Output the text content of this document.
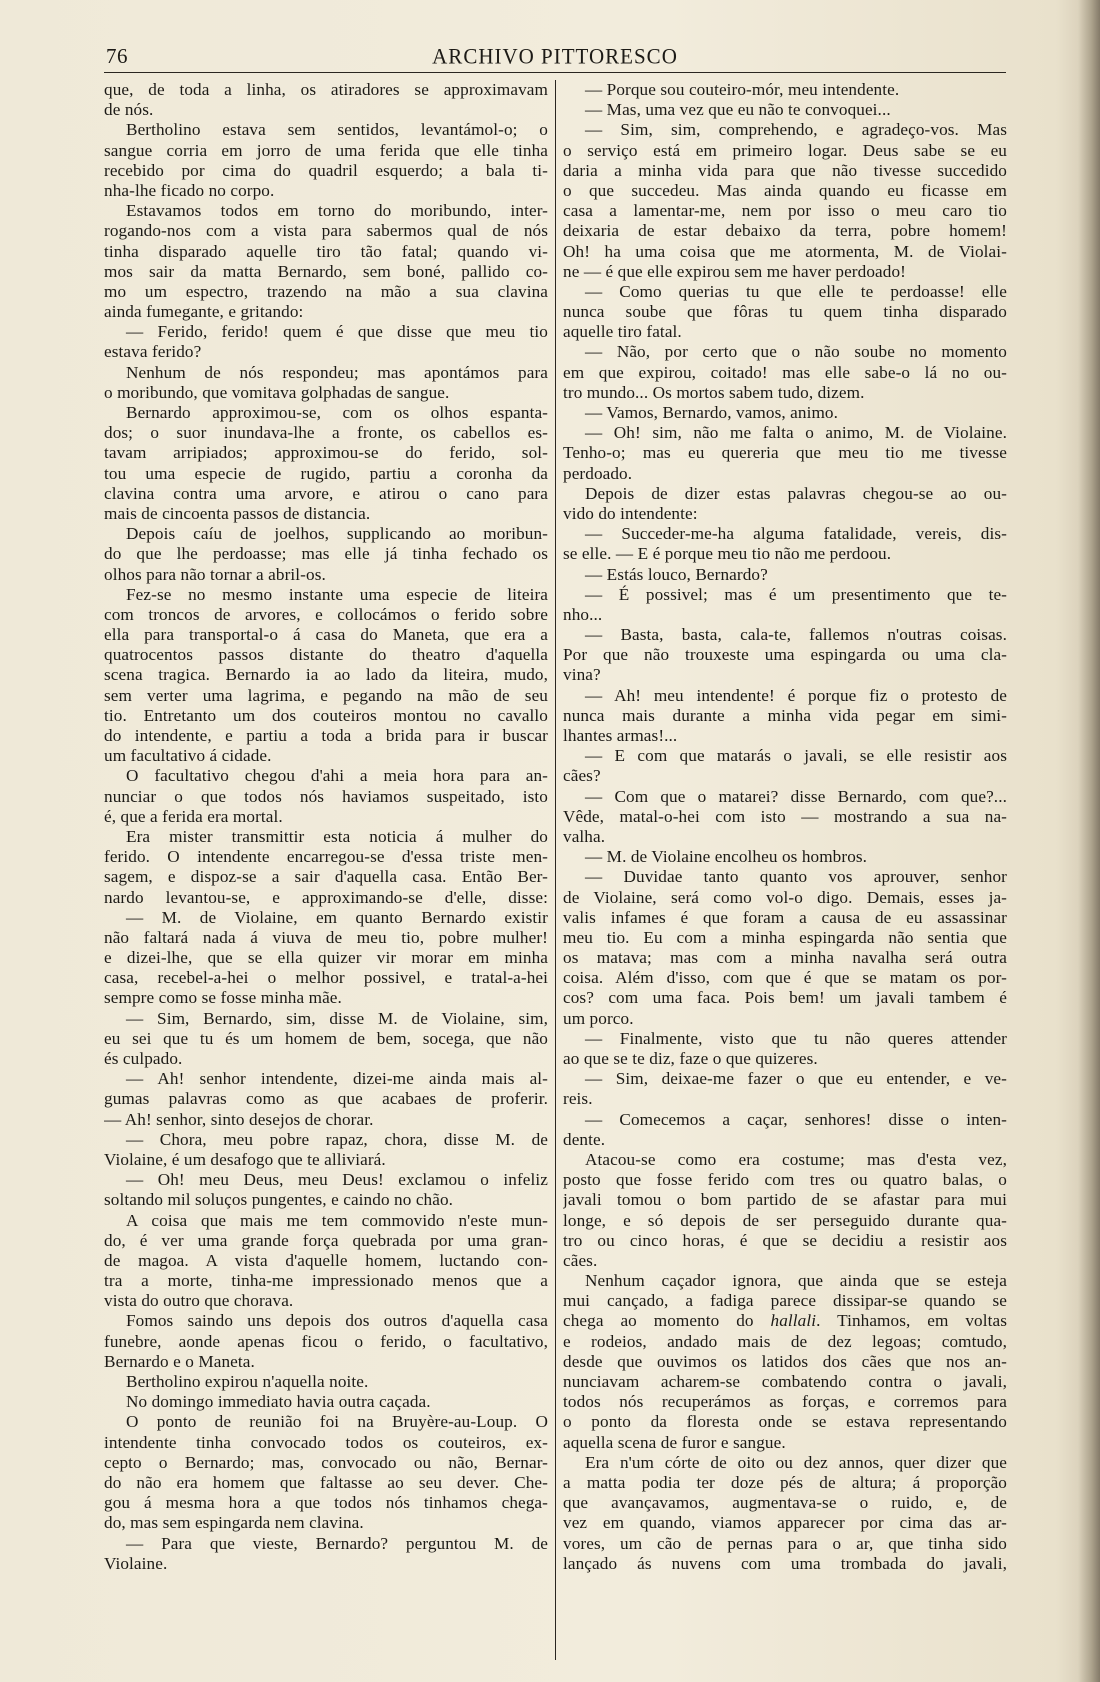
76	ARCHIVO PITTORESCO
que, de toda a linha, os atiradores se approximavam
de nós.
Bertholino estava sem sentidos, levantámol-o; o
sangue corria em jorro de uma ferida que elle tinha
recebido por cima do quadril esquerdo; a bala ti-
nha-lhe ficado no corpo.
Estavamos todos em torno do moribundo, inter-
rogando-nos com a vista para sabermos qual de nós
tinha disparado aquelle tiro tão fatal; quando vi-
mos sair da matta Bernardo, sem boné, pallido co-
mo um espectro, trazendo na mão a sua clavina
ainda fumegante, e gritando:
— Ferido, ferido! quem é que disse que meu tio
estava ferido?
Nenhum de nós respondeu; mas apontámos para
o moribundo, que vomitava golphadas de sangue.
Bernardo approximou-se, com os olhos espanta-
dos; o suor inundava-lhe a fronte, os cabellos es-
tavam arripiados; approximou-se do ferido, sol-
tou uma especie de rugido, partiu a coronha da
clavina contra uma arvore, e atirou o cano para
mais de cincoenta passos de distancia.
Depois caíu de joelhos, supplicando ao moribun-
do que lhe perdoasse; mas elle já tinha fechado os
olhos para não tornar a abril-os.
Fez-se no mesmo instante uma especie de liteira
com troncos de arvores, e collocámos o ferido sobre
ella para transportal-o á casa do Maneta, que era a
quatrocentos passos distante do theatro d'aquella
scena tragica. Bernardo ia ao lado da liteira, mudo,
sem verter uma lagrima, e pegando na mão de seu
tio. Entretanto um dos couteiros montou no cavallo
do intendente, e partiu a toda a brida para ir buscar
um facultativo á cidade.
O facultativo chegou d'ahi a meia hora para an-
nunciar o que todos nós haviamos suspeitado, isto
é, que a ferida era mortal.
Era mister transmittir esta noticia á mulher do
ferido. O intendente encarregou-se d'essa triste men-
sagem, e dispoz-se a sair d'aquella casa. Então Ber-
nardo levantou-se, e approximando-se d'elle, disse:
— M. de Violaine, em quanto Bernardo existir
não faltará nada á viuva de meu tio, pobre mulher!
e dizei-lhe, que se ella quizer vir morar em minha
casa, recebel-a-hei o melhor possivel, e tratal-a-hei
sempre como se fosse minha mãe.
— Sim, Bernardo, sim, disse M. de Violaine, sim,
eu sei que tu és um homem de bem, socega, que não
és culpado.
— Ah! senhor intendente, dizei-me ainda mais al-
gumas palavras como as que acabaes de proferir.
— Ah! senhor, sinto desejos de chorar.
— Chora, meu pobre rapaz, chora, disse M. de
Violaine, é um desafogo que te alliviará.
— Oh! meu Deus, meu Deus! exclamou o infeliz
soltando mil soluços pungentes, e caindo no chão.
A coisa que mais me tem commovido n'este mun-
do, é ver uma grande força quebrada por uma gran-
de magoa. A vista d'aquelle homem, luctando con-
tra a morte, tinha-me impressionado menos que a
vista do outro que chorava.
Fomos saindo uns depois dos outros d'aquella casa
funebre, aonde apenas ficou o ferido, o facultativo,
Bernardo e o Maneta.
Bertholino expirou n'aquella noite.
No domingo immediato havia outra caçada.
O ponto de reunião foi na Bruyère-au-Loup. O
intendente tinha convocado todos os couteiros, ex-
cepto o Bernardo; mas, convocado ou não, Bernar-
do não era homem que faltasse ao seu dever. Che-
gou á mesma hora a que todos nós tinhamos chega-
do, mas sem espingarda nem clavina.
— Para que vieste, Bernardo? perguntou M. de
Violaine.
— Porque sou couteiro-mór, meu intendente.
— Mas, uma vez que eu não te convoquei...
— Sim, sim, comprehendo, e agradeço-vos. Mas
o serviço está em primeiro logar. Deus sabe se eu
daria a minha vida para que não tivesse succedido
o que succedeu. Mas ainda quando eu ficasse em
casa a lamentar-me, nem por isso o meu caro tio
deixaria de estar debaixo da terra, pobre homem!
Oh! ha uma coisa que me atormenta, M. de Violai-
ne — é que elle expirou sem me haver perdoado!
— Como querias tu que elle te perdoasse! elle
nunca soube que fôras tu quem tinha disparado
aquelle tiro fatal.
— Não, por certo que o não soube no momento
em que expirou, coitado! mas elle sabe-o lá no ou-
tro mundo... Os mortos sabem tudo, dizem.
— Vamos, Bernardo, vamos, animo.
— Oh! sim, não me falta o animo, M. de Violaine.
Tenho-o; mas eu quereria que meu tio me tivesse
perdoado.
Depois de dizer estas palavras chegou-se ao ou-
vido do intendente:
— Succeder-me-ha alguma fatalidade, vereis, dis-
se elle. — E é porque meu tio não me perdoou.
— Estás louco, Bernardo?
— É possivel; mas é um presentimento que te-
nho...
— Basta, basta, cala-te, fallemos n'outras coisas.
Por que não trouxeste uma espingarda ou uma cla-
vina?
— Ah! meu intendente! é porque fiz o protesto de
nunca mais durante a minha vida pegar em simi-
lhantes armas!...
— E com que matarás o javali, se elle resistir aos
cães?
— Com que o matarei? disse Bernardo, com que?...
Vêde, matal-o-hei com isto — mostrando a sua na-
valha.
— M. de Violaine encolheu os hombros.
— Duvidae tanto quanto vos aprouver, senhor
de Violaine, será como vol-o digo. Demais, esses ja-
valis infames é que foram a causa de eu assassinar
meu tio. Eu com a minha espingarda não sentia que
os matava; mas com a minha navalha será outra
coisa. Além d'isso, com que é que se matam os por-
cos? com uma faca. Pois bem! um javali tambem é
um porco.
— Finalmente, visto que tu não queres attender
ao que se te diz, faze o que quizeres.
— Sim, deixae-me fazer o que eu entender, e ve-
reis.
— Comecemos a caçar, senhores! disse o inten-
dente.
Atacou-se como era costume; mas d'esta vez,
posto que fosse ferido com tres ou quatro balas, o
javali tomou o bom partido de se afastar para mui
longe, e só depois de ser perseguido durante qua-
tro ou cinco horas, é que se decidiu a resistir aos
cães.
Nenhum caçador ignora, que ainda que se esteja
mui cançado, a fadiga parece dissipar-se quando se
chega ao momento do hallali. Tinhamos, em voltas
e rodeios, andado mais de dez legoas; comtudo,
desde que ouvimos os latidos dos cães que nos an-
nunciavam acharem-se combatendo contra o javali,
todos nós recuperámos as forças, e corremos para
o ponto da floresta onde se estava representando
aquella scena de furor e sangue.
Era n'um córte de oito ou dez annos, quer dizer que
a matta podia ter doze pés de altura; á proporção
que avançavamos, augmentava-se o ruido, e, de
vez em quando, viamos apparecer por cima das ar-
vores, um cão de pernas para o ar, que tinha sido
lançado ás nuvens com uma trombada do javali,
